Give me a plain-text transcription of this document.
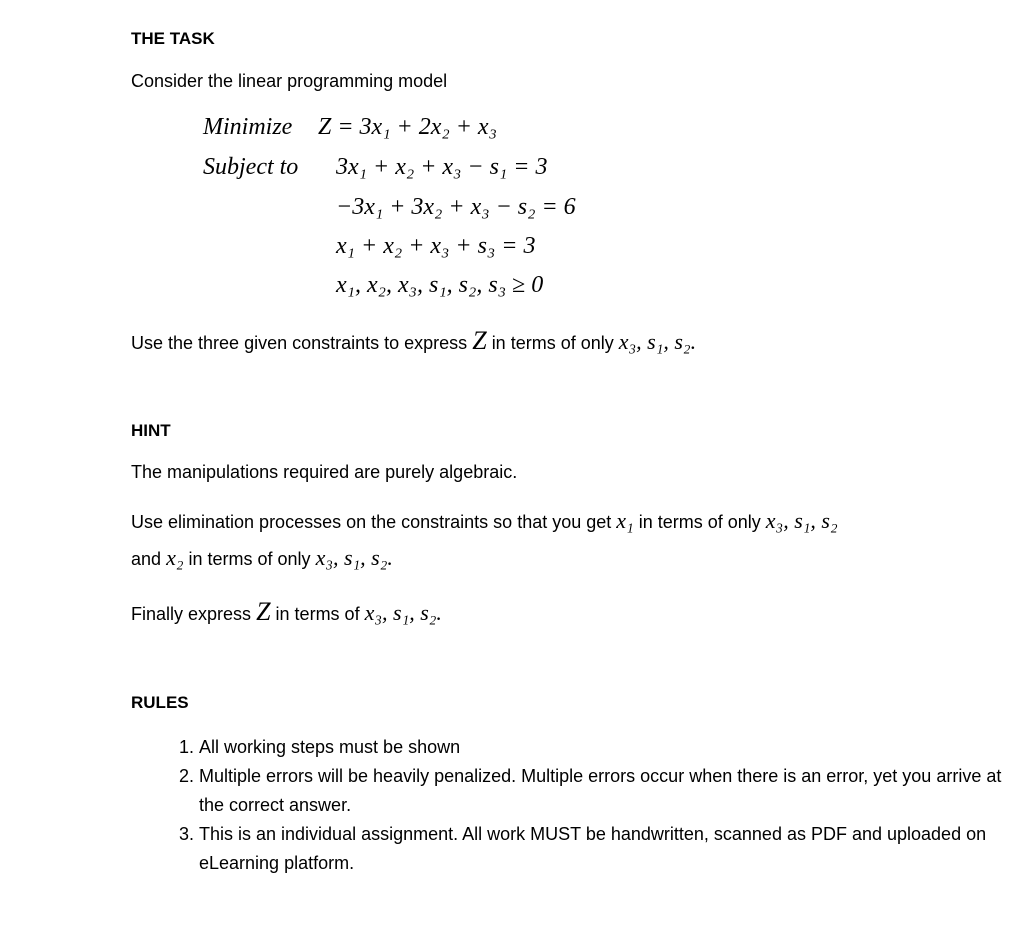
THE TASK
Consider the linear programming model
Minimize Z = 3x₁ + 2x₂ + x₃
Subject to 3x₁ + x₂ + x₃ − s₁ = 3
−3x₁ + 3x₂ + x₃ − s₂ = 6
x₁ + x₂ + x₃ + s₃ = 3
x₁, x₂, x₃, s₁, s₂, s₃ ≥ 0
Use the three given constraints to express Z in terms of only x₃, s₁, s₂.
HINT
The manipulations required are purely algebraic.
Use elimination processes on the constraints so that you get x₁ in terms of only x₃, s₁, s₂
and x₂ in terms of only x₃, s₁, s₂.
Finally express Z in terms of x₃, s₁, s₂.
RULES
1. All working steps must be shown
2. Multiple errors will be heavily penalized. Multiple errors occur when there is an error, yet you arrive at the correct answer.
3. This is an individual assignment. All work MUST be handwritten, scanned as PDF and uploaded on eLearning platform.
